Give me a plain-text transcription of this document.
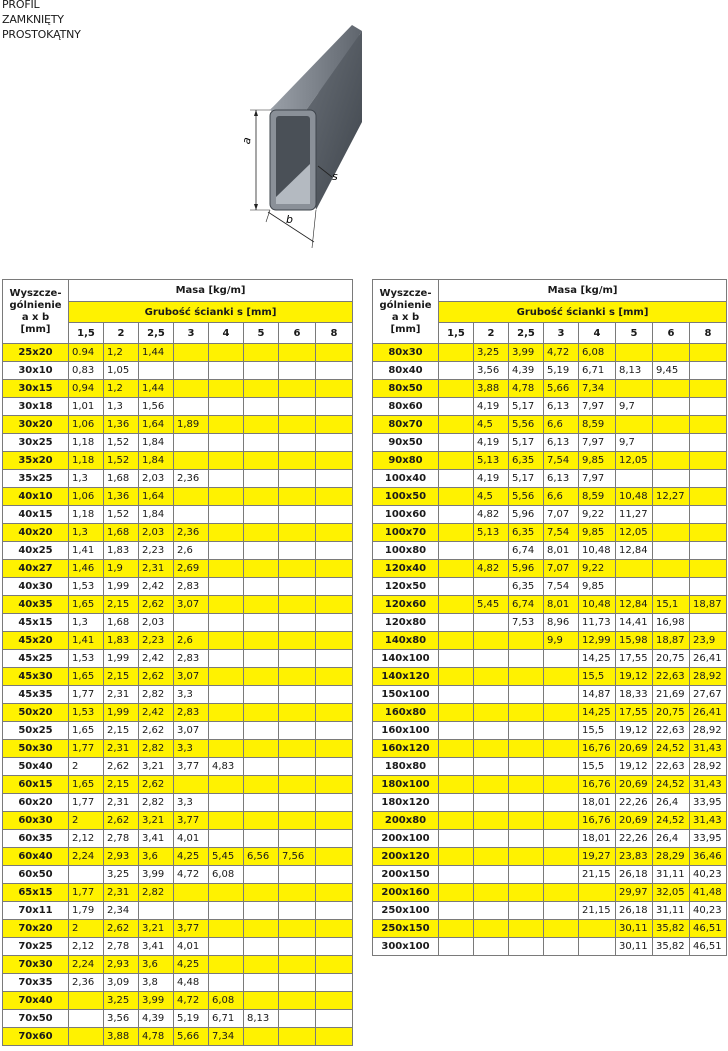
PROFIL
ZAMKNIĘTY
PROSTOKĄTNY
a
b
s
Wyszcze-
gólnienie
a x b
[mm]	Masa [kg/m]							
	Grubość ścianki s [mm]							
	1,5	2	2,5	3	4	5	6	8
25x20	0.94	1,2	1,44					
30x10	0,83	1,05						
30x15	0,94	1,2	1,44					
30x18	1,01	1,3	1,56					
30x20	1,06	1,36	1,64	1,89				
30x25	1,18	1,52	1,84					
35x20	1,18	1,52	1,84					
35x25	1,3	1,68	2,03	2,36				
40x10	1,06	1,36	1,64					
40x15	1,18	1,52	1,84					
40x20	1,3	1,68	2,03	2,36				
40x25	1,41	1,83	2,23	2,6				
40x27	1,46	1,9	2,31	2,69				
40x30	1,53	1,99	2,42	2,83				
40x35	1,65	2,15	2,62	3,07				
45x15	1,3	1,68	2,03					
45x20	1,41	1,83	2,23	2,6				
45x25	1,53	1,99	2,42	2,83				
45x30	1,65	2,15	2,62	3,07				
45x35	1,77	2,31	2,82	3,3				
50x20	1,53	1,99	2,42	2,83				
50x25	1,65	2,15	2,62	3,07				
50x30	1,77	2,31	2,82	3,3				
50x40	2	2,62	3,21	3,77	4,83			
60x15	1,65	2,15	2,62					
60x20	1,77	2,31	2,82	3,3				
60x30	2	2,62	3,21	3,77				
60x35	2,12	2,78	3,41	4,01				
60x40	2,24	2,93	3,6	4,25	5,45	6,56	7,56	
60x50		3,25	3,99	4,72	6,08			
65x15	1,77	2,31	2,82					
70x11	1,79	2,34						
70x20	2	2,62	3,21	3,77				
70x25	2,12	2,78	3,41	4,01				
70x30	2,24	2,93	3,6	4,25				
70x35	2,36	3,09	3,8	4,48				
70x40		3,25	3,99	4,72	6,08			
70x50		3,56	4,39	5,19	6,71	8,13		
70x60		3,88	4,78	5,66	7,34			
Wyszcze-
gólnienie
a x b
[mm]	Masa [kg/m]							
	Grubość ścianki s [mm]							
	1,5	2	2,5	3	4	5	6	8
80x30		3,25	3,99	4,72	6,08			
80x40		3,56	4,39	5,19	6,71	8,13	9,45	
80x50		3,88	4,78	5,66	7,34			
80x60		4,19	5,17	6,13	7,97	9,7		
80x70		4,5	5,56	6,6	8,59			
90x50		4,19	5,17	6,13	7,97	9,7		
90x80		5,13	6,35	7,54	9,85	12,05		
100x40		4,19	5,17	6,13	7,97			
100x50		4,5	5,56	6,6	8,59	10,48	12,27	
100x60		4,82	5,96	7,07	9,22	11,27		
100x70		5,13	6,35	7,54	9,85	12,05		
100x80			6,74	8,01	10,48	12,84		
120x40		4,82	5,96	7,07	9,22			
120x50			6,35	7,54	9,85			
120x60		5,45	6,74	8,01	10,48	12,84	15,1	18,87
120x80			7,53	8,96	11,73	14,41	16,98	
140x80				9,9	12,99	15,98	18,87	23,9
140x100					14,25	17,55	20,75	26,41
140x120					15,5	19,12	22,63	28,92
150x100					14,87	18,33	21,69	27,67
160x80					14,25	17,55	20,75	26,41
160x100					15,5	19,12	22,63	28,92
160x120					16,76	20,69	24,52	31,43
180x80					15,5	19,12	22,63	28,92
180x100					16,76	20,69	24,52	31,43
180x120					18,01	22,26	26,4	33,95
200x80					16,76	20,69	24,52	31,43
200x100					18,01	22,26	26,4	33,95
200x120					19,27	23,83	28,29	36,46
200x150					21,15	26,18	31,11	40,23
200x160						29,97	32,05	41,48
250x100					21,15	26,18	31,11	40,23
250x150						30,11	35,82	46,51
300x100						30,11	35,82	46,51
